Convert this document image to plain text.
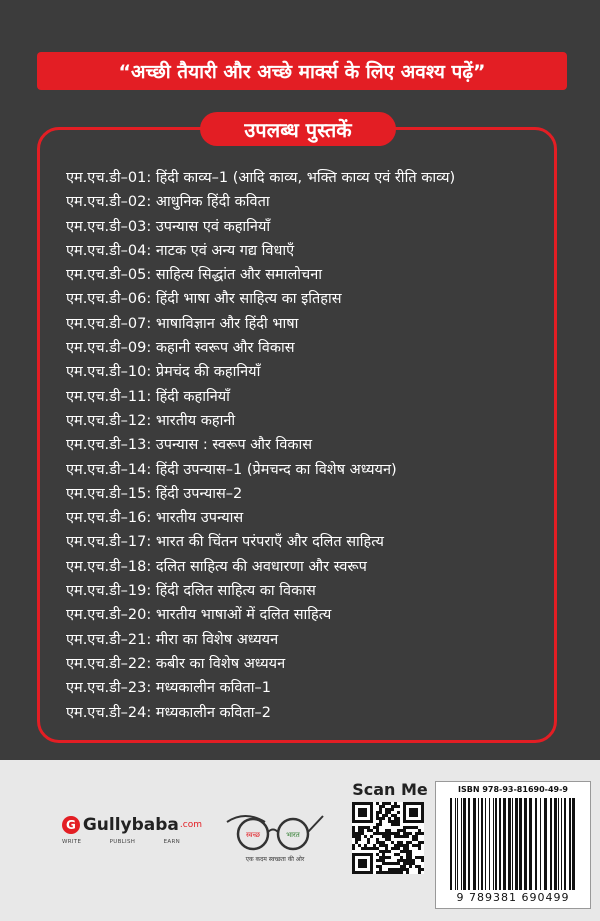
“अच्छी तैयारी और अच्छे मार्क्स के लिए अवश्य पढ़ें”
उपलब्ध पुस्तकें
एम.एच.डी–01: हिंदी काव्य–1 (आदि काव्य, भक्ति काव्य एवं रीति काव्य)
एम.एच.डी–02: आधुनिक हिंदी कविता
एम.एच.डी–03: उपन्यास एवं कहानियाँ
एम.एच.डी–04: नाटक एवं अन्य गद्य विधाएँ
एम.एच.डी–05: साहित्य सिद्धांत और समालोचना
एम.एच.डी–06: हिंदी भाषा और साहित्य का इतिहास
एम.एच.डी–07: भाषाविज्ञान और हिंदी भाषा
एम.एच.डी–09: कहानी स्वरूप और विकास
एम.एच.डी–10: प्रेमचंद की कहानियाँ
एम.एच.डी–11: हिंदी कहानियाँ
एम.एच.डी–12: भारतीय कहानी
एम.एच.डी–13: उपन्यास : स्वरूप और विकास
एम.एच.डी–14: हिंदी उपन्यास–1 (प्रेमचन्द का विशेष अध्ययन)
एम.एच.डी–15: हिंदी उपन्यास–2
एम.एच.डी–16: भारतीय उपन्यास
एम.एच.डी–17: भारत की चिंतन परंपराएँ और दलित साहित्य
एम.एच.डी–18: दलित साहित्य की अवधारणा और स्वरूप
एम.एच.डी–19: हिंदी दलित साहित्य का विकास
एम.एच.डी–20: भारतीय भाषाओं में दलित साहित्य
एम.एच.डी–21: मीरा का विशेष अध्ययन
एम.एच.डी–22: कबीर का विशेष अध्ययन
एम.एच.डी–23: मध्यकालीन कविता–1
एम.एच.डी–24: मध्यकालीन कविता–2
G Gullybaba .com
WRITE	PUBLISH	EARN
स्वच्छ	भारत
एक कदम स्वच्छता की ओर
Scan Me	ISBN 978-93-81690-49-9
9 789381 690499
